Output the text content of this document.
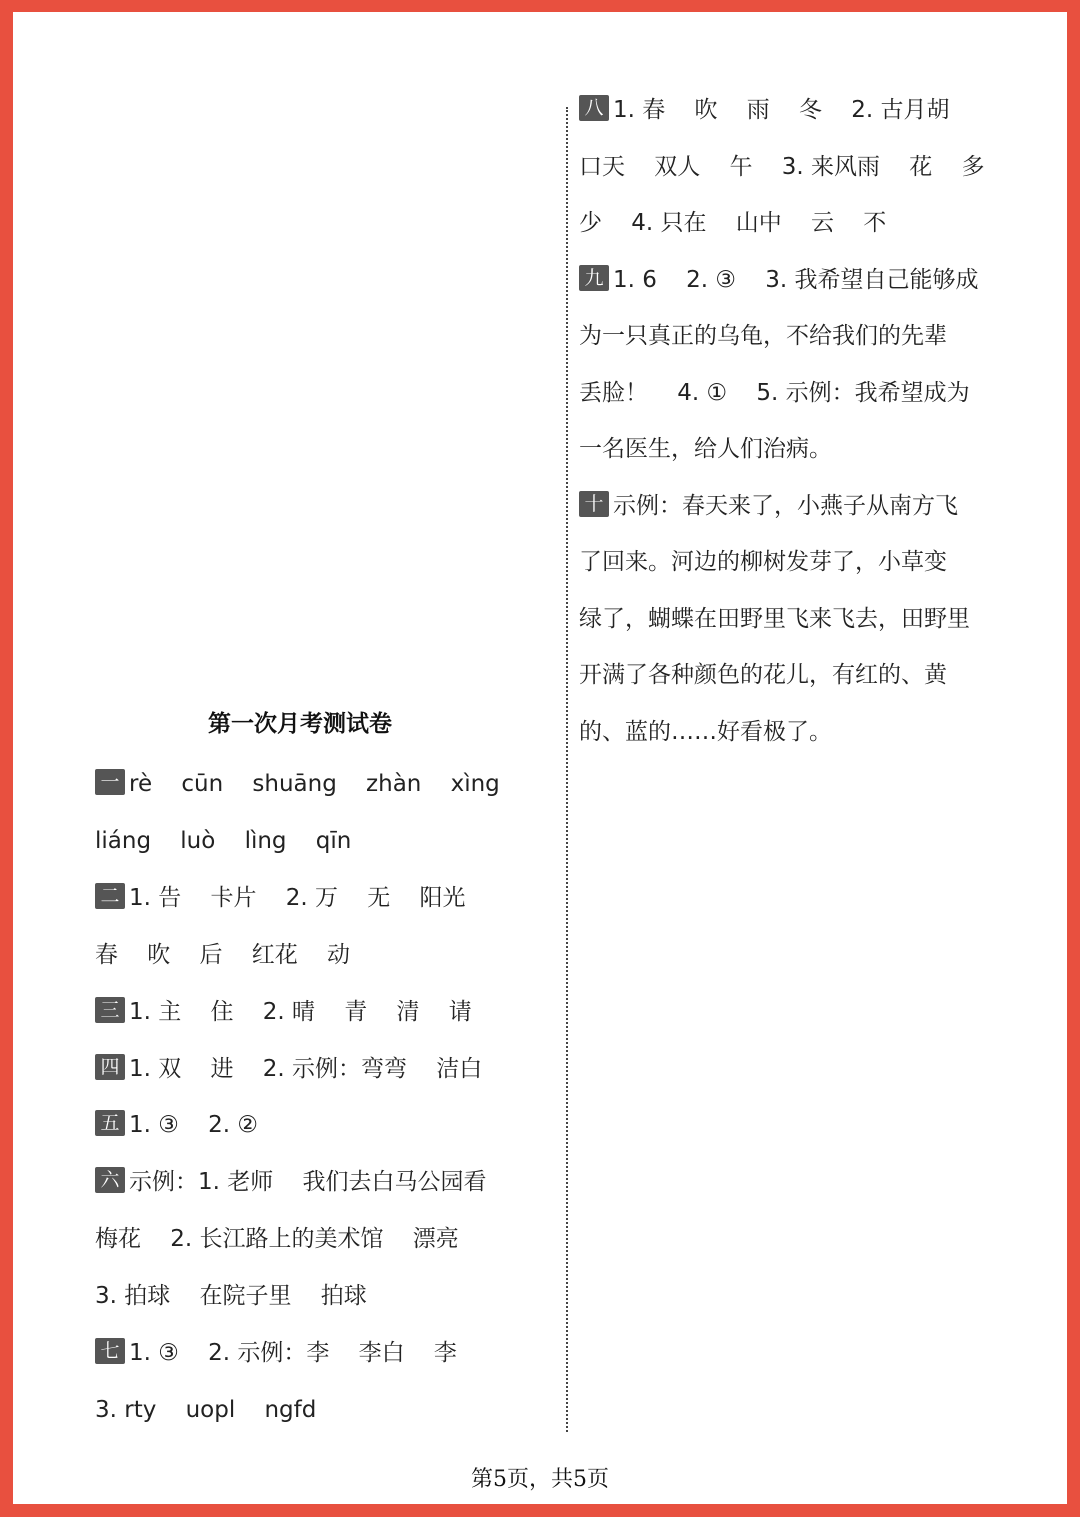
第一次月考测试卷
一 rè    cūn    shuāng    zhàn    xìng
liáng    luò    lìng    qīn
二 1. 告    卡片    2. 万    无    阳光
春    吹    后    红花    动
三 1. 主    住    2. 晴    青    清    请
四 1. 双    进    2. 示例：弯弯    洁白
五 1. ③    2. ②
六 示例：1. 老师    我们去白马公园看
梅花    2. 长江路上的美术馆    漂亮
3. 拍球    在院子里    拍球
七 1. ③    2. 示例：李    李白    李
3. rty    uopl    ngfd
八 1. 春    吹    雨    冬    2. 古月胡
口天    双人    午    3. 来风雨    花    多
少    4. 只在    山中    云    不
九 1. 6    2. ③    3. 我希望自己能够成
为一只真正的乌龟，不给我们的先辈
丢脸！    4. ①    5. 示例：我希望成为
一名医生，给人们治病。
十 示例：春天来了，小燕子从南方飞
了回来。河边的柳树发芽了，小草变
绿了，蝴蝶在田野里飞来飞去，田野里
开满了各种颜色的花儿，有红的、黄
的、蓝的……好看极了。
第5页，共5页
